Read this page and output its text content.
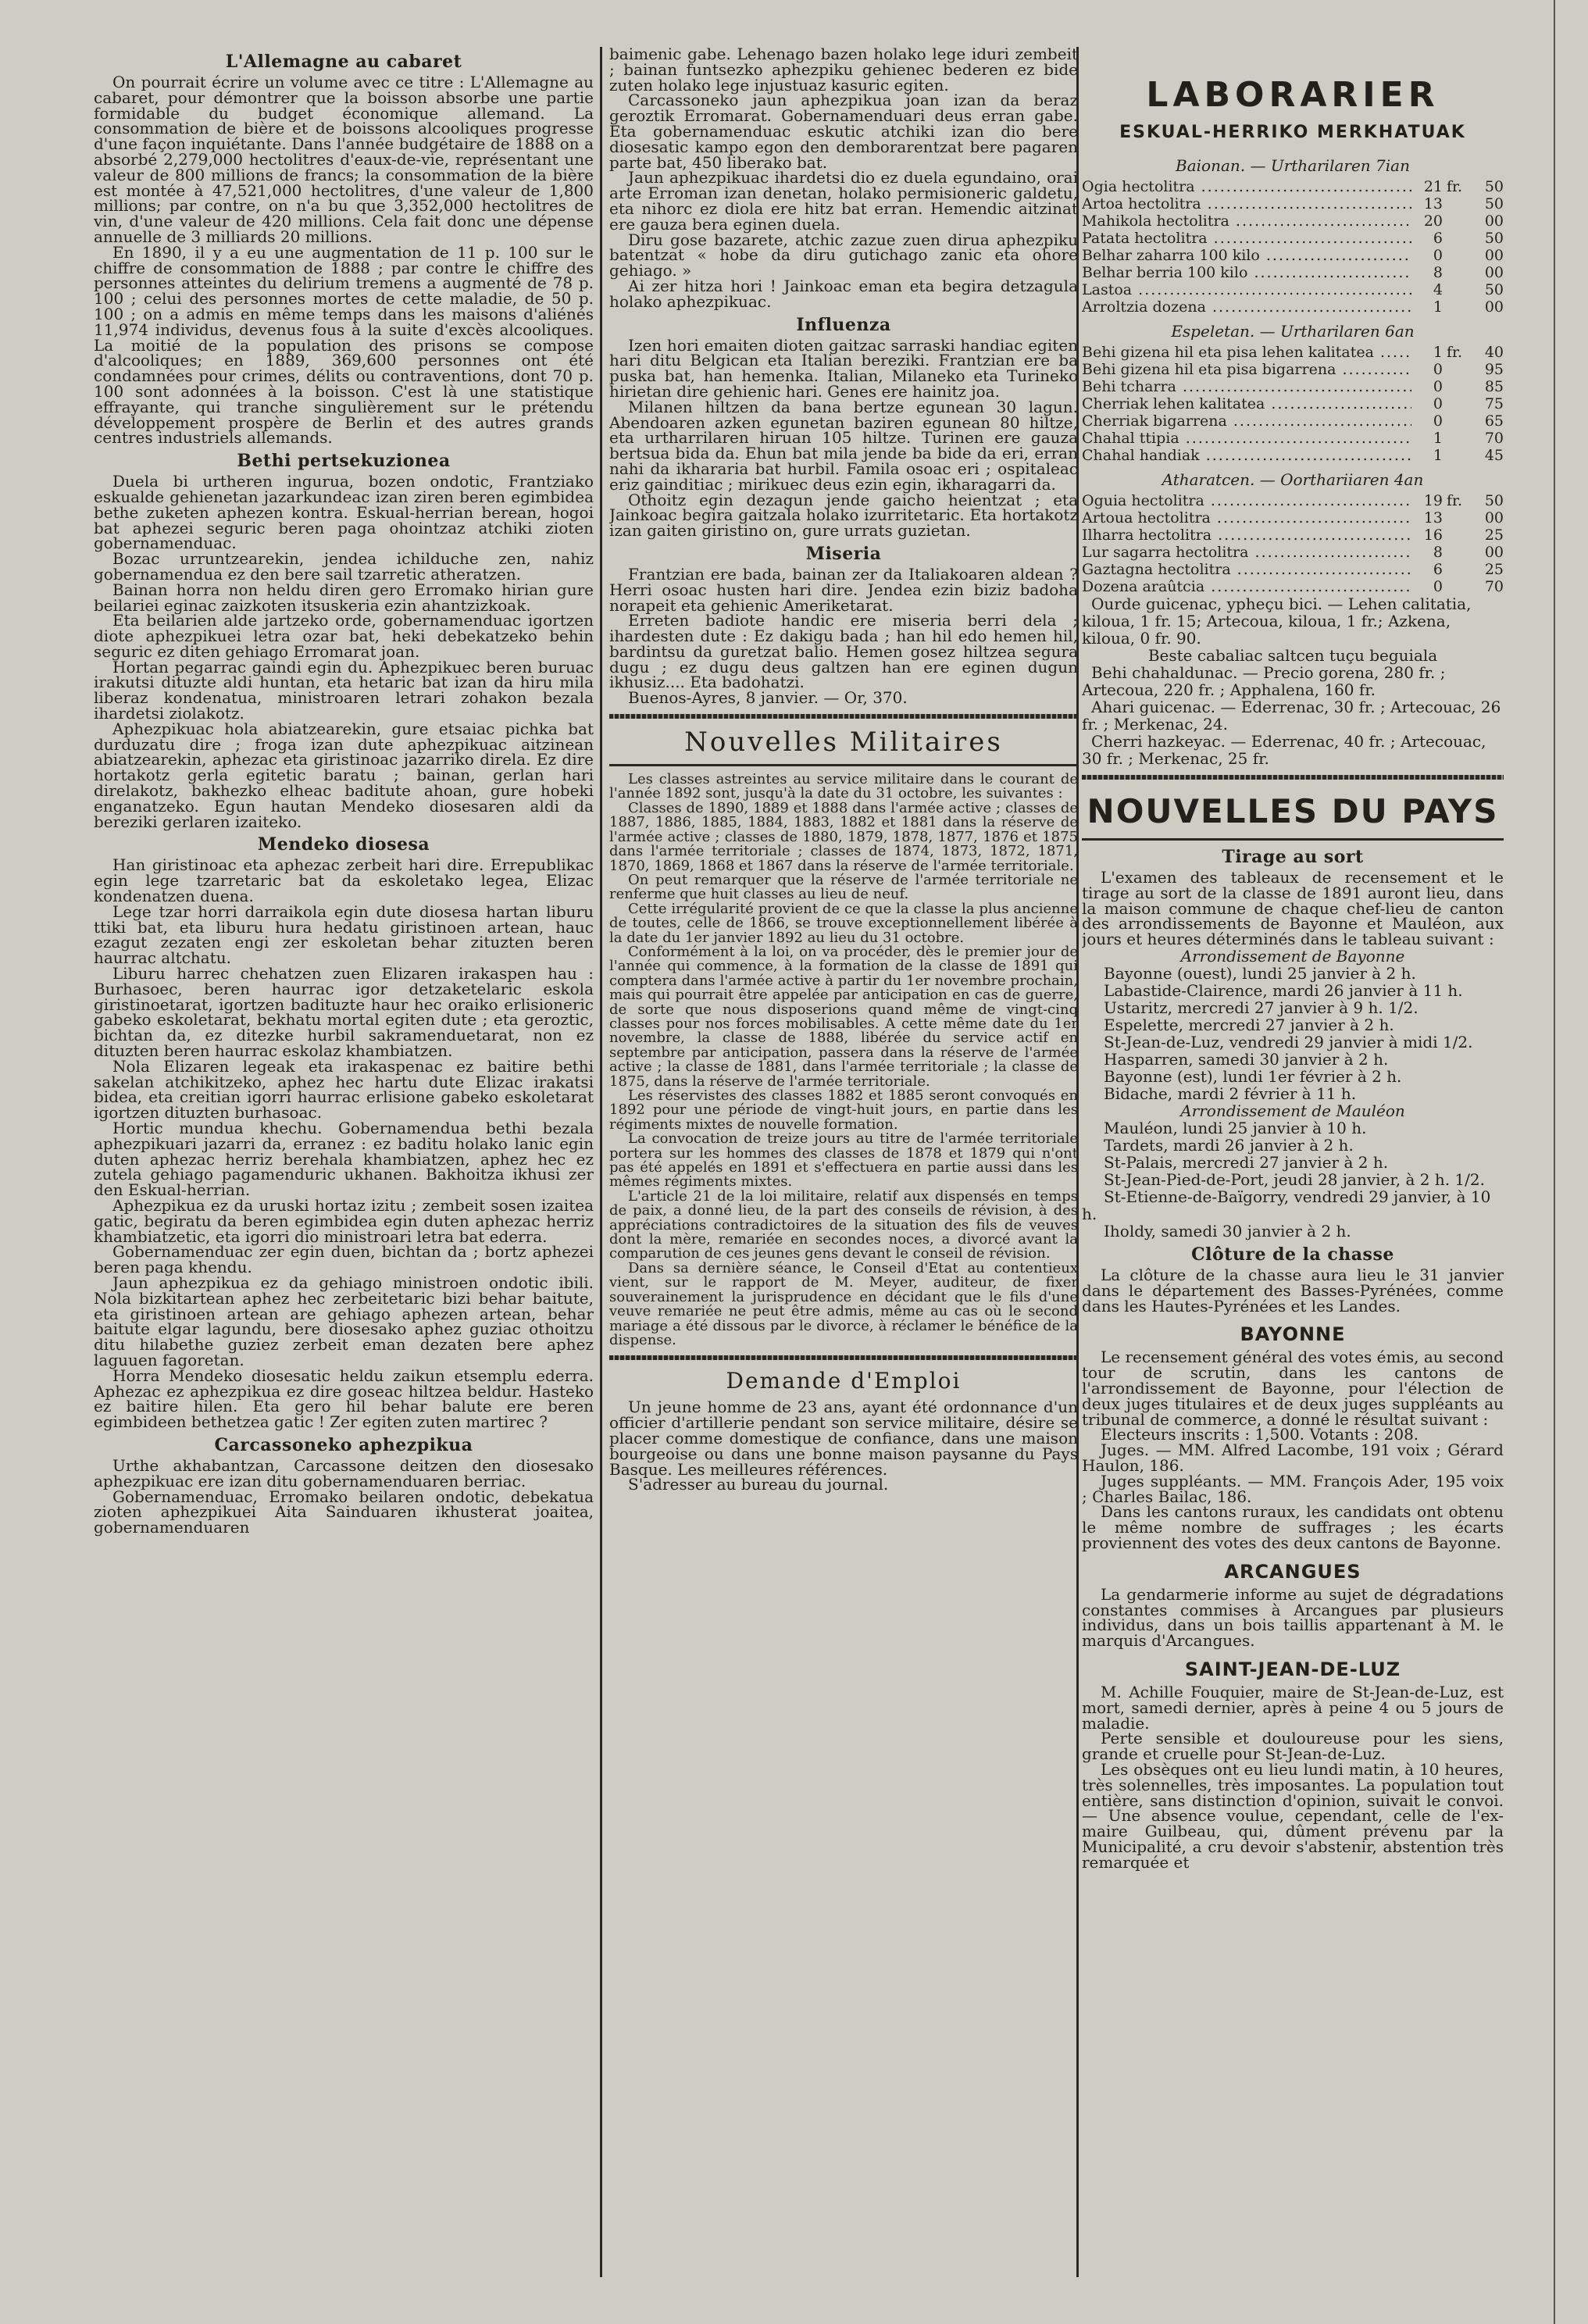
L'Allemagne au cabaret

On pourrait écrire un volume avec ce titre : L'Allemagne au cabaret, pour démontrer que la boisson absorbe une partie formidable du budget économique allemand. La consommation de bière et de boissons alcooliques progresse d'une façon inquiétante. Dans l'année budgétaire de 1888 on a absorbé 2,279,000 hectolitres d'eaux-de-vie, représentant une valeur de 800 millions de francs; la consommation de la bière est montée à 47,521,000 hectolitres, d'une valeur de 1,800 millions; par contre, on n'a bu que 3,352,000 hectolitres de vin, d'une valeur de 420 millions. Cela fait donc une dépense annuelle de 3 milliards 20 millions.

En 1890, il y a eu une augmentation de 11 p. 100 sur le chiffre de consommation de 1888 ; par contre le chiffre des personnes atteintes du delirium tremens a augmenté de 78 p. 100 ; celui des personnes mortes de cette maladie, de 50 p. 100 ; on a admis en même temps dans les maisons d'aliénés 11,974 individus, devenus fous à la suite d'excès alcooliques. La moitié de la population des prisons se compose d'alcooliques; en 1889, 369,600 personnes ont été condamnées pour crimes, délits ou contraventions, dont 70 p. 100 sont adonnées à la boisson. C'est là une statistique effrayante, qui tranche singulièrement sur le prétendu développement prospère de Berlin et des autres grands centres industriels allemands.

Bethi pertsekuzionea

Duela bi urtheren ingurua, bozen ondotic, Frantziako eskualde gehienetan jazarkundeac izan ziren beren egimbidea bethe zuketen aphezen kontra. Eskual-herrian berean, hogoi bat aphezei seguric beren paga ohointzaz atchiki zioten gobernamenduac.

Bozac urruntzearekin, jendea ichilduche zen, nahiz gobernamendua ez den bere sail tzarretic atheratzen.

Bainan horra non heldu diren gero Erromako hirian gure beilariei eginac zaizkoten itsuskeria ezin ahantzizkoak.

Eta beilarien alde jartzeko orde, gobernamenduac igortzen diote aphezpikuei letra ozar bat, heki debekatzeko behin seguric ez diten gehiago Erromarat joan.

Hortan pegarrac gaindi egin du. Aphezpikuec beren buruac irakutsi dituzte aldi huntan, eta hetaric bat izan da hiru mila liberaz kondenatua, ministroaren letrari zohakon bezala ihardetsi ziolakotz.

Aphezpikuac hola abiatzearekin, gure etsaiac pichka bat durduzatu dire ; froga izan dute aphezpikuac aitzinean abiatzearekin, aphezac eta giristinoac jazarriko direla. Ez dire hortakotz gerla egitetic baratu ; bainan, gerlan hari direlakotz, bakhezko elheac baditute ahoan, gure hobeki enganatzeko. Egun hautan Mendeko diosesaren aldi da bereziki gerlaren izaiteko.

Mendeko diosesa

Han giristinoac eta aphezac zerbeit hari dire. Errepublikac egin lege tzarretaric bat da eskoletako legea, Elizac kondenatzen duena.

Lege tzar horri darraikola egin dute diosesa hartan liburu ttiki bat, eta liburu hura hedatu giristinoen artean, hauc ezagut zezaten engi zer eskoletan behar zituzten beren haurrac altchatu.

Liburu harrec chehatzen zuen Elizaren irakaspen hau : Burhasoec, beren haurrac igor detzaketelaric eskola giristinoetarat, igortzen badituzte haur hec oraiko erlisioneric gabeko eskoletarat, bekhatu mortal egiten dute ; eta geroztic, bichtan da, ez ditezke hurbil sakramenduetarat, non ez dituzten beren haurrac eskolaz khambiatzen.

Nola Elizaren legeak eta irakaspenac ez baitire bethi sakelan atchikitzeko, aphez hec hartu dute Elizac irakatsi bidea, eta creitian igorri haurrac erlisione gabeko eskoletarat igortzen dituzten burhasoac.

Hortic mundua khechu. Gobernamendua bethi bezala aphezpikuari jazarri da, erranez : ez baditu holako lanic egin duten aphezac herriz berehala khambiatzen, aphez hec ez zutela gehiago pagamenduric ukhanen. Bakhoitza ikhusi zer den Eskual-herrian.

Aphezpikua ez da uruski hortaz izitu ; zembeit sosen izaitea gatic, begiratu da beren egimbidea egin duten aphezac herriz khambiatzetic, eta igorri dio ministroari letra bat ederra.

Gobernamenduac zer egin duen, bichtan da ; bortz aphezei beren paga khendu.

Jaun aphezpikua ez da gehiago ministroen ondotic ibili. Nola bizkitartean aphez hec zerbeitetaric bizi behar baitute, eta giristinoen artean are gehiago aphezen artean, behar baitute elgar lagundu, bere diosesako aphez guziac othoitzu ditu hilabethe guziez zerbeit eman dezaten bere aphez laguuen fagoretan.

Horra Mendeko diosesatic heldu zaikun etsemplu ederra. Aphezac ez aphezpikua ez dire goseac hiltzea beldur. Hasteko ez baitire hilen. Eta gero hil behar balute ere beren egimbideen bethetzea gatic ! Zer egiten zuten martirec ?

Carcassoneko aphezpikua

Urthe akhabantzan, Carcassone deitzen den diosesako aphezpikuac ere izan ditu gobernamenduaren berriac.

Gobernamenduac, Erromako beilaren ondotic, debekatua zioten aphezpikuei Aita Sainduaren ikhusterat joaitea, gobernamenduaren

baimenic gabe. Lehenago bazen holako lege iduri zembeit ; bainan funtsezko aphezpiku gehienec bederen ez bide zuten holako lege injustuaz kasuric egiten.

Carcassoneko jaun aphezpikua joan izan da beraz geroztik Erromarat. Gobernamenduari deus erran gabe. Eta gobernamenduac eskutic atchiki izan dio bere diosesatic kampo egon den demborarentzat bere pagaren parte bat, 450 liberako bat.

Jaun aphezpikuac ihardetsi dio ez duela egundaino, orai arte Erroman izan denetan, holako permisioneric galdetu, eta nihorc ez diola ere hitz bat erran. Hemendic aitzinat ere gauza bera eginen duela.

Diru gose bazarete, atchic zazue zuen dirua aphezpiku batentzat « hobe da diru gutichago zanic eta ohore gehiago. »

Ai zer hitza hori ! Jainkoac eman eta begira detzagula holako aphezpikuac.

Influenza

Izen hori emaiten dioten gaitzac sarraski handiac egiten hari ditu Belgican eta Italian bereziki. Frantzian ere ba puska bat, han hemenka. Italian, Milaneko eta Turineko hirietan dire gehienic hari. Genes ere hainitz joa.

Milanen hiltzen da bana bertze egunean 30 lagun. Abendoaren azken egunetan baziren egunean 80 hiltze, eta urtharrilaren hiruan 105 hiltze. Turinen ere gauza bertsua bida da. Ehun bat mila jende ba bide da eri, erran nahi da ikhararia bat hurbil. Famila osoac eri ; ospitaleac eriz gainditiac ; mirikuec deus ezin egin, ikharagarri da.

Othoitz egin dezagun jende gaicho heientzat ; eta Jainkoac begira gaitzala holako izurritetaric. Eta hortakotz izan gaiten giristino on, gure urrats guzietan.

Miseria

Frantzian ere bada, bainan zer da Italiakoaren aldean ? Herri osoac husten hari dire. Jendea ezin biziz badoha norapeit eta gehienic Ameriketarat.

Erreten badiote handic ere miseria berri dela ; ihardesten dute : Ez dakigu bada ; han hil edo hemen hil, bardintsu da guretzat balio. Hemen gosez hiltzea segura dugu ; ez dugu deus galtzen han ere eginen dugun ikhusiz.... Eta badohatzi.

Buenos-Ayres, 8 janvier. — Or, 370.

Nouvelles Militaires

Les classes astreintes au service militaire dans le courant de l'année 1892 sont, jusqu'à la date du 31 octobre, les suivantes :

Classes de 1890, 1889 et 1888 dans l'armée active ; classes de 1887, 1886, 1885, 1884, 1883, 1882 et 1881 dans la réserve de l'armée active ; classes de 1880, 1879, 1878, 1877, 1876 et 1875 dans l'armée territoriale ; classes de 1874, 1873, 1872, 1871, 1870, 1869, 1868 et 1867 dans la réserve de l'armée territoriale.

On peut remarquer que la réserve de l'armée territoriale ne renferme que huit classes au lieu de neuf.

Cette irrégularité provient de ce que la classe la plus ancienne de toutes, celle de 1866, se trouve exceptionnellement libérée à la date du 1er janvier 1892 au lieu du 31 octobre.

Conformément à la loi, on va procéder, dès le premier jour de l'année qui commence, à la formation de la classe de 1891 qui comptera dans l'armée active à partir du 1er novembre prochain, mais qui pourrait être appelée par anticipation en cas de guerre, de sorte que nous disposerions quand même de vingt-cinq classes pour nos forces mobilisables. A cette même date du 1er novembre, la classe de 1888, libérée du service actif en septembre par anticipation, passera dans la réserve de l'armée active ; la classe de 1881, dans l'armée territoriale ; la classe de 1875, dans la réserve de l'armée territoriale.

Les réservistes des classes 1882 et 1885 seront convoqués en 1892 pour une période de vingt-huit jours, en partie dans les régiments mixtes de nouvelle formation.

La convocation de treize jours au titre de l'armée territoriale portera sur les hommes des classes de 1878 et 1879 qui n'ont pas été appelés en 1891 et s'effectuera en partie aussi dans les mêmes régiments mixtes.

L'article 21 de la loi militaire, relatif aux dispensés en temps de paix, a donné lieu, de la part des conseils de révision, à des appréciations contradictoires de la situation des fils de veuves dont la mère, remariée en secondes noces, a divorcé avant la comparution de ces jeunes gens devant le conseil de révision.

Dans sa dernière séance, le Conseil d'Etat au contentieux vient, sur le rapport de M. Meyer, auditeur, de fixer souverainement la jurisprudence en décidant que le fils d'une veuve remariée ne peut être admis, même au cas où le second mariage a été dissous par le divorce, à réclamer le bénéfice de la dispense.

Demande d'Emploi

Un jeune homme de 23 ans, ayant été ordonnance d'un officier d'artillerie pendant son service militaire, désire se placer comme domestique de confiance, dans une maison bourgeoise ou dans une bonne maison paysanne du Pays Basque. Les meilleures références.

S'adresser au bureau du journal.

LABORARIER
ESKUAL-HERRIKO MERKHATUAK
Baionan. — Urtharilaren 7ian
Ogia hectolitra .....	21 fr.	50
Artoa hectolitra .....	13	50
Mahikola hectolitra .....	20	00
Patata hectolitra .....	6	50
Belhar zaharra 100 kilo .....	0	00
Belhar berria 100 kilo .....	8	00
Lastoa .....	4	50
Arroltzia dozena .....	1	00
Espeletan. — Urtharilaren 6an
Behi gizena hil eta pisa lehen kalitatea .....	1 fr.	40
Behi gizena hil eta pisa bigarrena .....	0	95
Behi tcharra .....	0	85
Cherriak lehen kalitatea .....	0	75
Cherriak bigarrena .....	0	65
Chahal ttipia .....	1	70
Chahal handiak .....	1	45
Atharatcen. — Oorthariiaren 4an
Oguia hectolitra .....	19 fr.	50
Artoua hectolitra .....	13	00
Ilharra hectolitra .....	16	25
Lur sagarra hectolitra .....	8	00
Gaztagna hectolitra .....	6	25
Dozena araûtcia .....	0	70

Ourde guicenac, ypheçu bici. — Lehen calitatia, kiloua, 1 fr. 15; Artecoua, kiloua, 1 fr.; Azkena, kiloua, 0 fr. 90.

Beste cabaliac saltcen tuçu beguiala

Behi chahaldunac. — Precio gorena, 280 fr. ; Artecoua, 220 fr. ; Apphalena, 160 fr.

Ahari guicenac. — Ederrenac, 30 fr. ; Artecouac, 26 fr. ; Merkenac, 24.

Cherri hazkeyac. — Ederrenac, 40 fr. ; Artecouac, 30 fr. ; Merkenac, 25 fr.

NOUVELLES DU PAYS
Tirage au sort

L'examen des tableaux de recensement et le tirage au sort de la classe de 1891 auront lieu, dans la maison commune de chaque chef-lieu de canton des arrondissements de Bayonne et Mauléon, aux jours et heures déterminés dans le tableau suivant :

Arrondissement de Bayonne

Bayonne (ouest), lundi 25 janvier à 2 h.

Labastide-Clairence, mardi 26 janvier à 11 h.

Ustaritz, mercredi 27 janvier à 9 h. 1/2.

Espelette, mercredi 27 janvier à 2 h.

St-Jean-de-Luz, vendredi 29 janvier à midi 1/2.

Hasparren, samedi 30 janvier à 2 h.

Bayonne (est), lundi 1er février à 2 h.

Bidache, mardi 2 février à 11 h.

Arrondissement de Mauléon

Mauléon, lundi 25 janvier à 10 h.

Tardets, mardi 26 janvier à 2 h.

St-Palais, mercredi 27 janvier à 2 h.

St-Jean-Pied-de-Port, jeudi 28 janvier, à 2 h. 1/2.

St-Etienne-de-Baïgorry, vendredi 29 janvier, à 10 h.

Iholdy, samedi 30 janvier à 2 h.

Clôture de la chasse

La clôture de la chasse aura lieu le 31 janvier dans le département des Basses-Pyrénées, comme dans les Hautes-Pyrénées et les Landes.

BAYONNE

Le recensement général des votes émis, au second tour de scrutin, dans les cantons de l'arrondissement de Bayonne, pour l'élection de deux juges titulaires et de deux juges suppléants au tribunal de commerce, a donné le résultat suivant :

Electeurs inscrits : 1,500. Votants : 208.

Juges. — MM. Alfred Lacombe, 191 voix ; Gérard Haulon, 186.

Juges suppléants. — MM. François Ader, 195 voix ; Charles Bailac, 186.

Dans les cantons ruraux, les candidats ont obtenu le même nombre de suffrages ; les écarts proviennent des votes des deux cantons de Bayonne.

ARCANGUES

La gendarmerie informe au sujet de dégradations constantes commises à Arcangues par plusieurs individus, dans un bois taillis appartenant à M. le marquis d'Arcangues.

SAINT-JEAN-DE-LUZ

M. Achille Fouquier, maire de St-Jean-de-Luz, est mort, samedi dernier, après à peine 4 ou 5 jours de maladie.

Perte sensible et douloureuse pour les siens, grande et cruelle pour St-Jean-de-Luz.

Les obsèques ont eu lieu lundi matin, à 10 heures, très solennelles, très imposantes. La population tout entière, sans distinction d'opinion, suivait le convoi. — Une absence voulue, cependant, celle de l'ex-maire Guilbeau, qui, dûment prévenu par la Municipalité, a cru devoir s'abstenir, abstention très remarquée et
